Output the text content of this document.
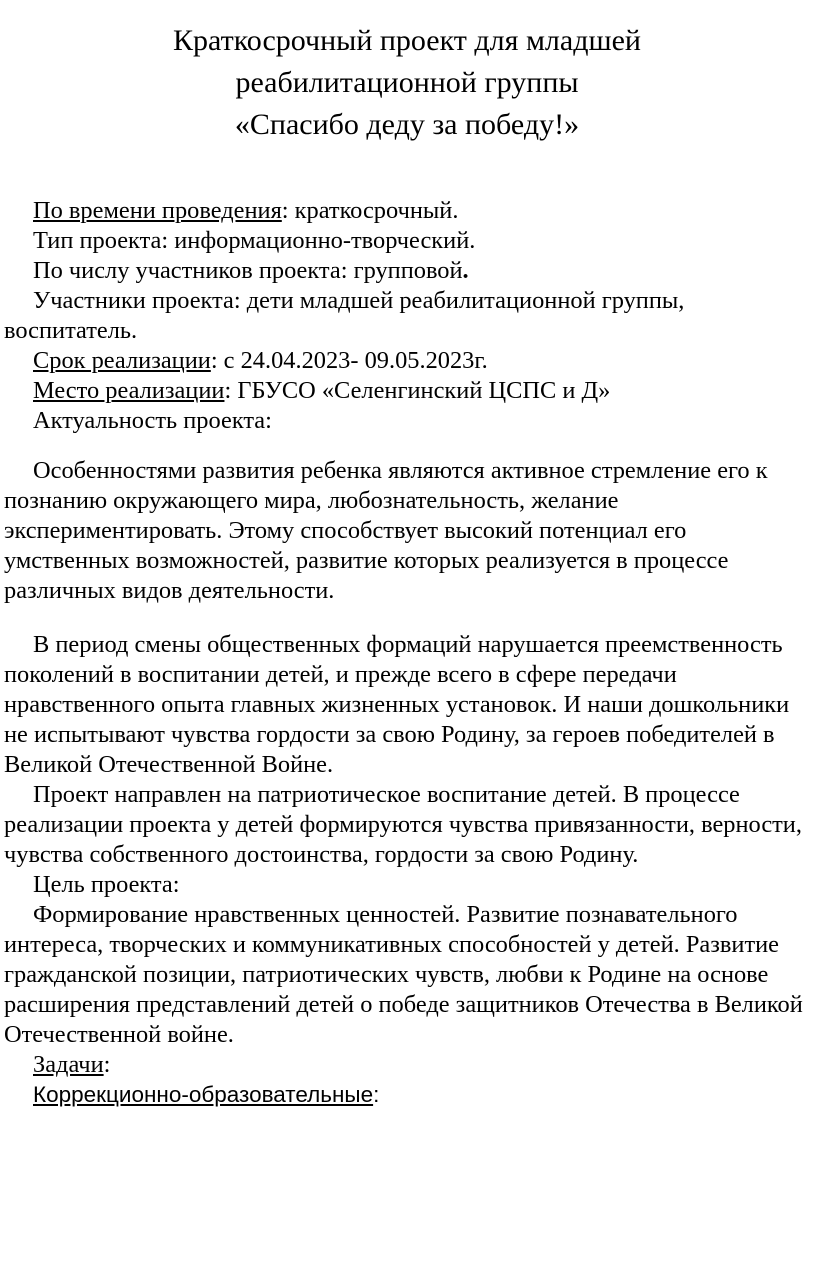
Краткосрочный проект для младшей
реабилитационной группы
«Спасибо деду за победу!»

По времени проведения: краткосрочный.

Тип проекта: информационно-творческий.

По числу участников проекта: групповой.

Участники проекта: дети младшей реабилитационной группы, воспитатель.

Срок реализации: с 24.04.2023- 09.05.2023г.

Место реализации: ГБУСО «Селенгинский ЦСПС и Д»

Актуальность проекта:

Особенностями развития ребенка являются активное стремление его к познанию окружающего мира, любознательность, желание экспериментировать. Этому способствует высокий потенциал его умственных возможностей, развитие которых реализуется в процессе различных видов деятельности.

В период смены общественных формаций нарушается преемственность поколений в воспитании детей, и прежде всего в сфере передачи нравственного опыта главных жизненных установок. И наши дошкольники не испытывают чувства гордости за свою Родину, за героев победителей в Великой Отечественной Войне.

Проект направлен на патриотическое воспитание детей. В процессе реализации проекта у детей формируются чувства привязанности, верности, чувства собственного достоинства, гордости за свою Родину.

Цель проекта:

Формирование нравственных ценностей. Развитие познавательного интереса, творческих и коммуникативных способностей у детей. Развитие гражданской позиции, патриотических чувств, любви к Родине на основе расширения представлений детей о победе защитников Отечества в Великой Отечественной войне.

Задачи:

Коррекционно-образовательные:
